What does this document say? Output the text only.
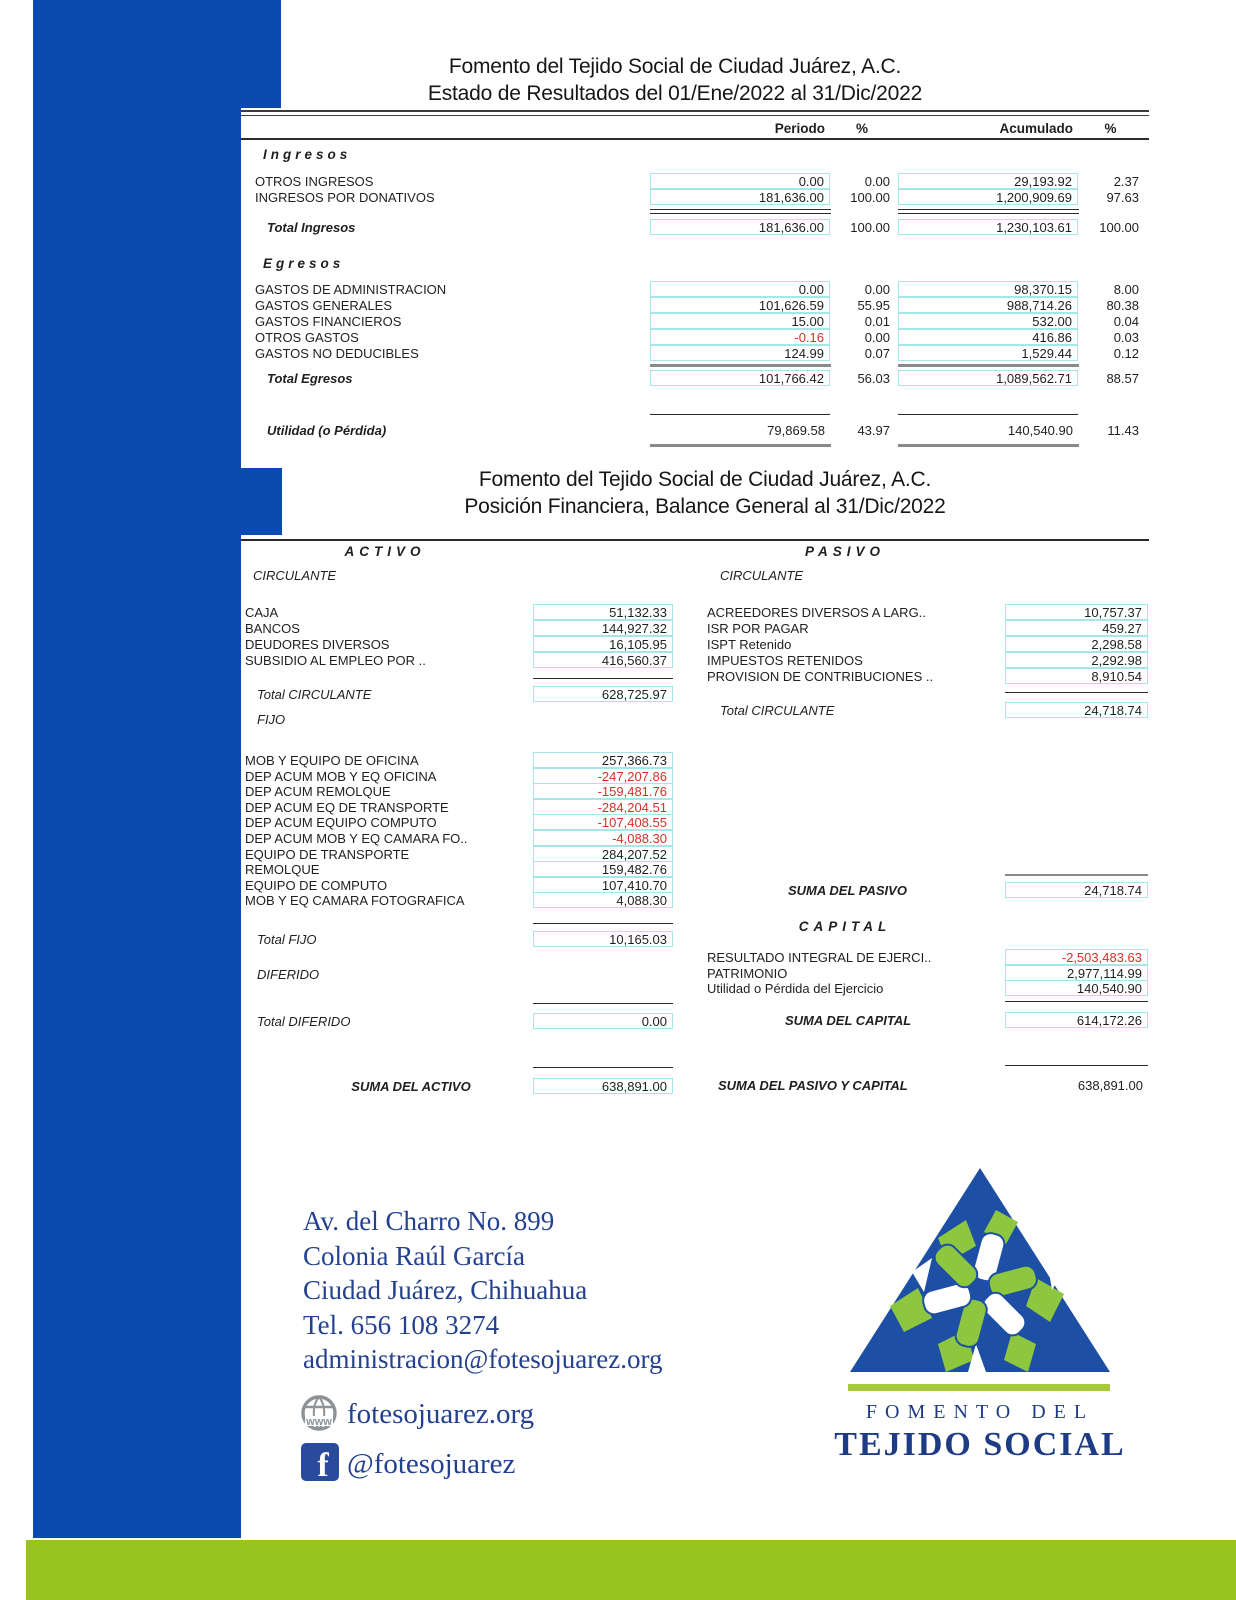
Fomento del Tejido Social de Ciudad Juárez, A.C.
Estado de Resultados del 01/Ene/2022 al 31/Dic/2022
Periodo	%	Acumulado	%
Ingresos
OTROS INGRESOS	0.00	0.00	29,193.92	2.37
INGRESOS POR DONATIVOS	181,636.00	100.00	1,200,909.69	97.63
Total Ingresos	181,636.00	100.00	1,230,103.61	100.00
Egresos
GASTOS DE ADMINISTRACION	0.00	0.00	98,370.15	8.00
GASTOS GENERALES	101,626.59	55.95	988,714.26	80.38
GASTOS FINANCIEROS	15.00	0.01	532.00	0.04
OTROS GASTOS	-0.16	0.00	416.86	0.03
GASTOS NO DEDUCIBLES	124.99	0.07	1,529.44	0.12
Total Egresos	101,766.42	56.03	1,089,562.71	88.57
Utilidad (o Pérdida)	79,869.58	43.97	140,540.90	11.43
Fomento del Tejido Social de Ciudad Juárez, A.C.
Posición Financiera, Balance General al 31/Dic/2022
ACTIVO	PASIVO
CIRCULANTE	CIRCULANTE
CAJA	51,132.33
BANCOS	144,927.32
DEUDORES DIVERSOS	16,105.95
SUBSIDIO AL EMPLEO POR ..	416,560.37
Total CIRCULANTE	628,725.97
FIJO
MOB Y EQUIPO DE OFICINA	257,366.73
DEP ACUM MOB Y EQ OFICINA	-247,207.86
DEP ACUM REMOLQUE	-159,481.76
DEP ACUM EQ DE TRANSPORTE	-284,204.51
DEP ACUM EQUIPO COMPUTO	-107,408.55
DEP ACUM MOB Y EQ CAMARA FO..	-4,088.30
EQUIPO DE TRANSPORTE	284,207.52
REMOLQUE	159,482.76
EQUIPO DE COMPUTO	107,410.70
MOB Y EQ CAMARA FOTOGRAFICA	4,088.30
Total FIJO	10,165.03
DIFERIDO
Total DIFERIDO	0.00
SUMA DEL ACTIVO	638,891.00
ACREEDORES DIVERSOS A LARG..	10,757.37
ISR POR PAGAR	459.27
ISPT Retenido	2,298.58
IMPUESTOS RETENIDOS	2,292.98
PROVISION DE CONTRIBUCIONES ..	8,910.54
Total CIRCULANTE	24,718.74
SUMA DEL PASIVO	24,718.74
CAPITAL
RESULTADO INTEGRAL DE EJERCI..	-2,503,483.63
PATRIMONIO	2,977,114.99
Utilidad o Pérdida del Ejercicio	140,540.90
SUMA DEL CAPITAL	614,172.26
SUMA DEL PASIVO Y CAPITAL	638,891.00
Av. del Charro No. 899
Colonia Raúl García
Ciudad Juárez, Chihuahua
Tel. 656 108 3274
administracion@fotesojuarez.org
www fotesojuarez.org
f @fotesojuarez
FOMENTO DEL
TEJIDO SOCIAL
